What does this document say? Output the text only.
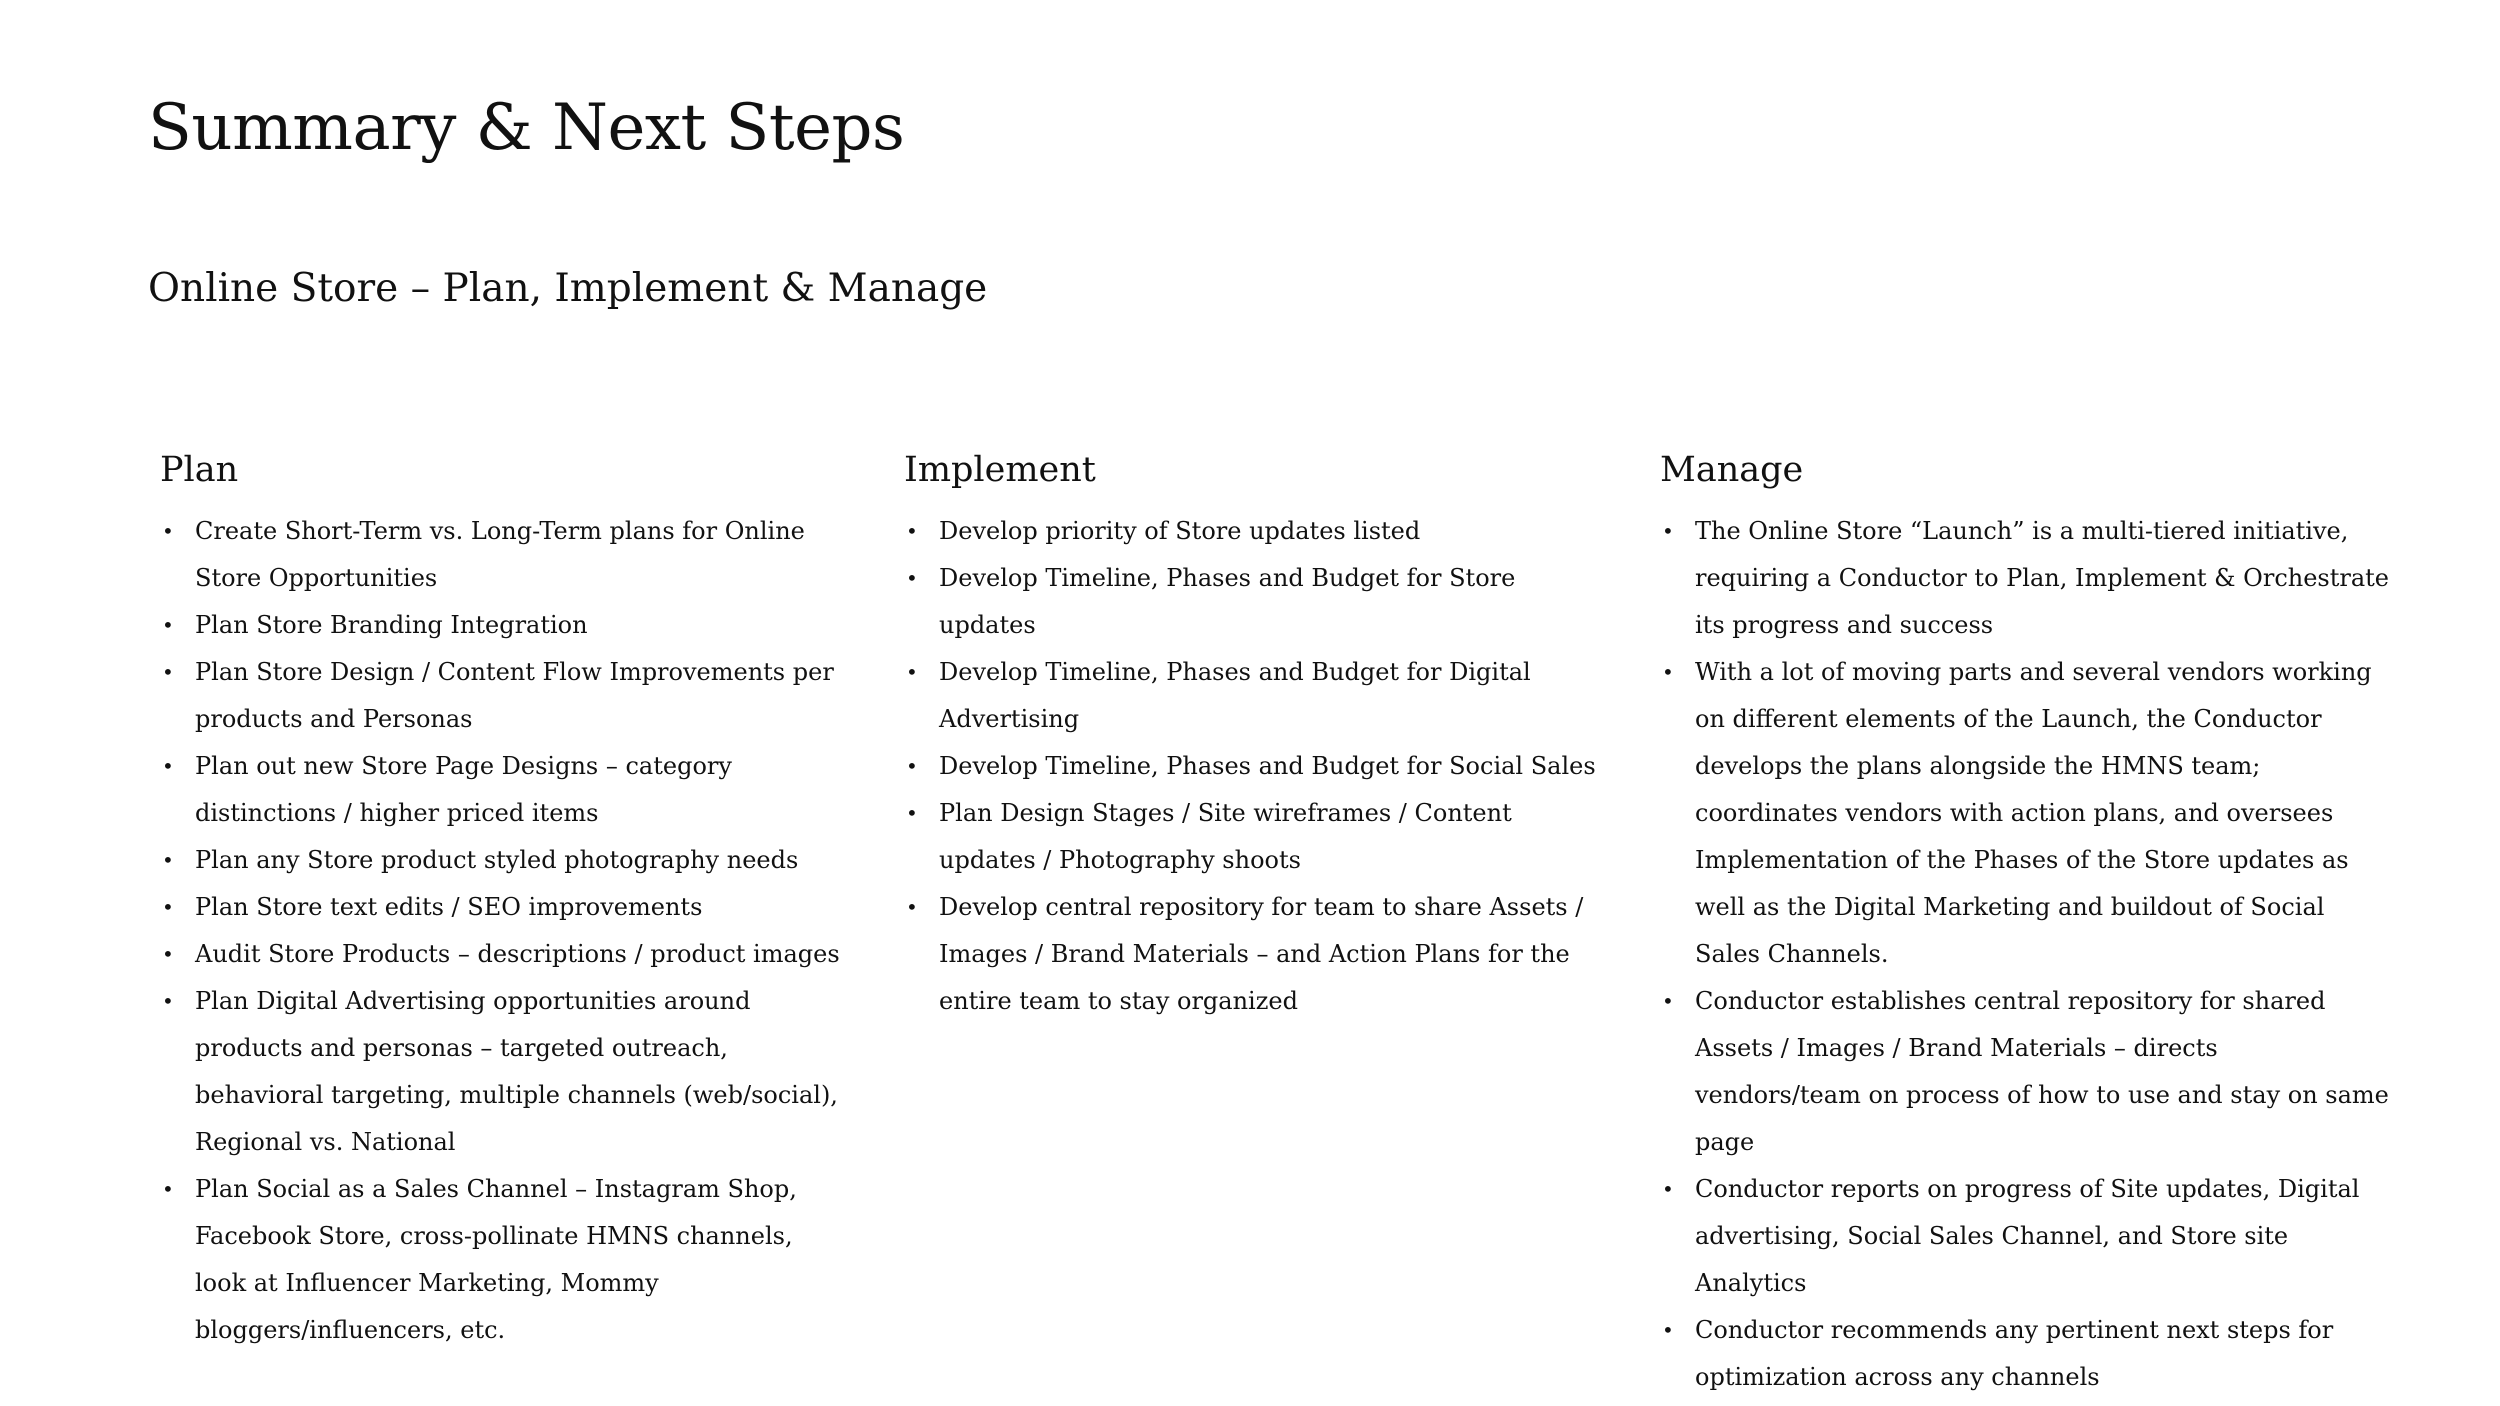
Summary & Next Steps
Online Store – Plan, Implement & Manage
Plan
• Create Short-Term vs. Long-Term plans for Online Store Opportunities
• Plan Store Branding Integration
• Plan Store Design / Content Flow Improvements per products and Personas
• Plan out new Store Page Designs – category distinctions / higher priced items
• Plan any Store product styled photography needs
• Plan Store text edits / SEO improvements
• Audit Store Products – descriptions / product images
• Plan Digital Advertising opportunities around products and personas – targeted outreach, behavioral targeting, multiple channels (web/social), Regional vs. National
• Plan Social as a Sales Channel – Instagram Shop, Facebook Store, cross-pollinate HMNS channels, look at Influencer Marketing, Mommy bloggers/influencers, etc.
Implement
• Develop priority of Store updates listed
• Develop Timeline, Phases and Budget for Store updates
• Develop Timeline, Phases and Budget for Digital Advertising
• Develop Timeline, Phases and Budget for Social Sales
• Plan Design Stages / Site wireframes / Content updates / Photography shoots
• Develop central repository for team to share Assets / Images / Brand Materials – and Action Plans for the entire team to stay organized
Manage
• The Online Store “Launch” is a multi-tiered initiative, requiring a Conductor to Plan, Implement & Orchestrate its progress and success
• With a lot of moving parts and several vendors working on different elements of the Launch, the Conductor develops the plans alongside the HMNS team; coordinates vendors with action plans, and oversees Implementation of the Phases of the Store updates as well as the Digital Marketing and buildout of Social Sales Channels.
• Conductor establishes central repository for shared Assets / Images / Brand Materials – directs vendors/team on process of how to use and stay on same page
• Conductor reports on progress of Site updates, Digital advertising, Social Sales Channel, and Store site Analytics
• Conductor recommends any pertinent next steps for optimization across any channels
